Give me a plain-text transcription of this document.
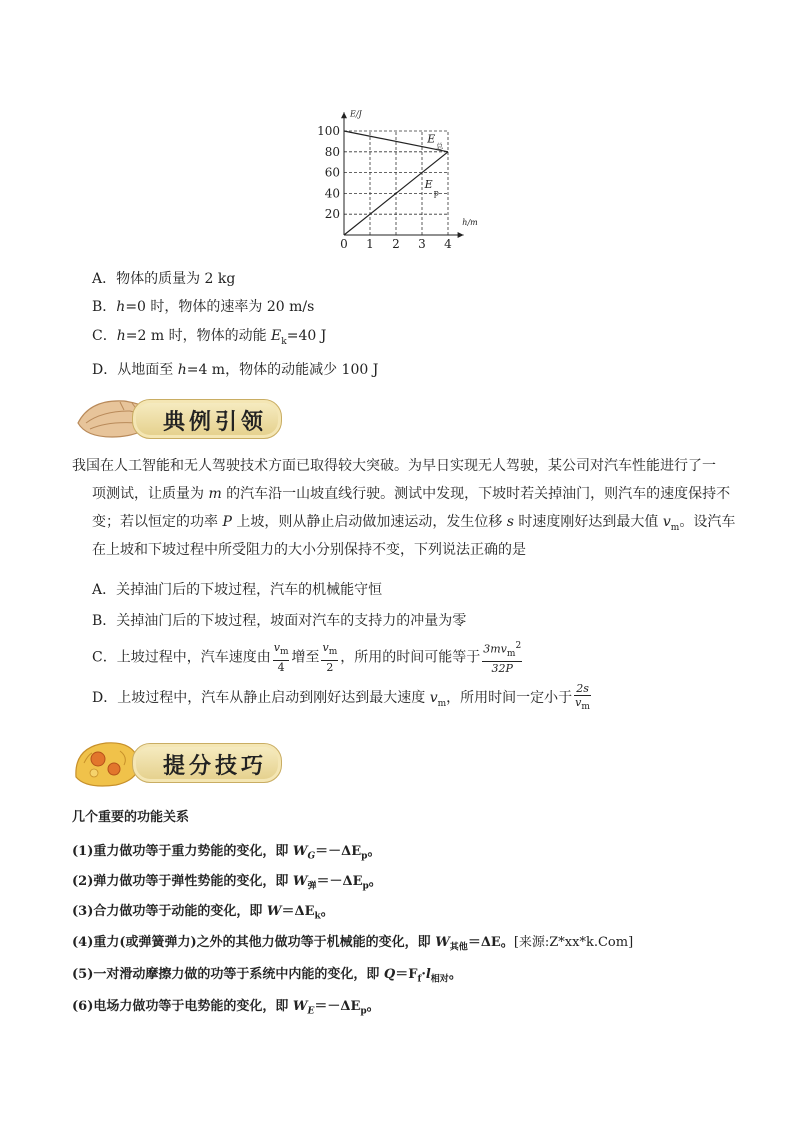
E/J
h/m
100
80
60
40
20
1 2 3 4
0
E
总
E
p
A．物体的质量为 2 kg
B．h=0 时，物体的速率为 20 m/s
C．h=2 m 时，物体的动能 $E_k=40$ J
D．从地面至 h=4 m，物体的动能减少 100 J
典例引领
我国在人工智能和无人驾驶技术方面已取得较大突破。为早日实现无人驾驶，某公司对汽车性能进行了一
项测试，让质量为 m 的汽车沿一山坡直线行驶。测试中发现，下坡时若关掉油门，则汽车的速度保持不
变；若以恒定的功率 P 上坡，则从静止启动做加速运动，发生位移 s 时速度刚好达到最大值 $v_m$。设汽车
在上坡和下坡过程中所受阻力的大小分别保持不变，下列说法正确的是
A．关掉油门后的下坡过程，汽车的机械能守恒
B．关掉油门后的下坡过程，坡面对汽车的支持力的冲量为零
C．上坡过程中，汽车速度由 $\frac{v_m}{4}$ 增至 $\frac{v_m}{2}$ ，所用的时间可能等于 $\frac{3mv_m^2}{32P}$
D．上坡过程中，汽车从静止启动到刚好达到最大速度 $v_m$，所用时间一定小于 $\frac{2s}{v_m}$
提分技巧
几个重要的功能关系
(1)重力做功等于重力势能的变化，即 $W_G=-\Delta E_p$。
(2)弹力做功等于弹性势能的变化，即 $W_弹=-\Delta E_p$。
(3)合力做功等于动能的变化，即 $W=\Delta E_k$。
(4)重力(或弹簧弹力)之外的其他力做功等于机械能的变化，即 $W_{其他}=\Delta E$。[来源:Z*xx*k.Com]
(5)一对滑动摩擦力做的功等于系统中内能的变化，即 $Q=F_f\cdot l_{相对}$。
(6)电场力做功等于电势能的变化，即 $W_E=-\Delta E_p$。
